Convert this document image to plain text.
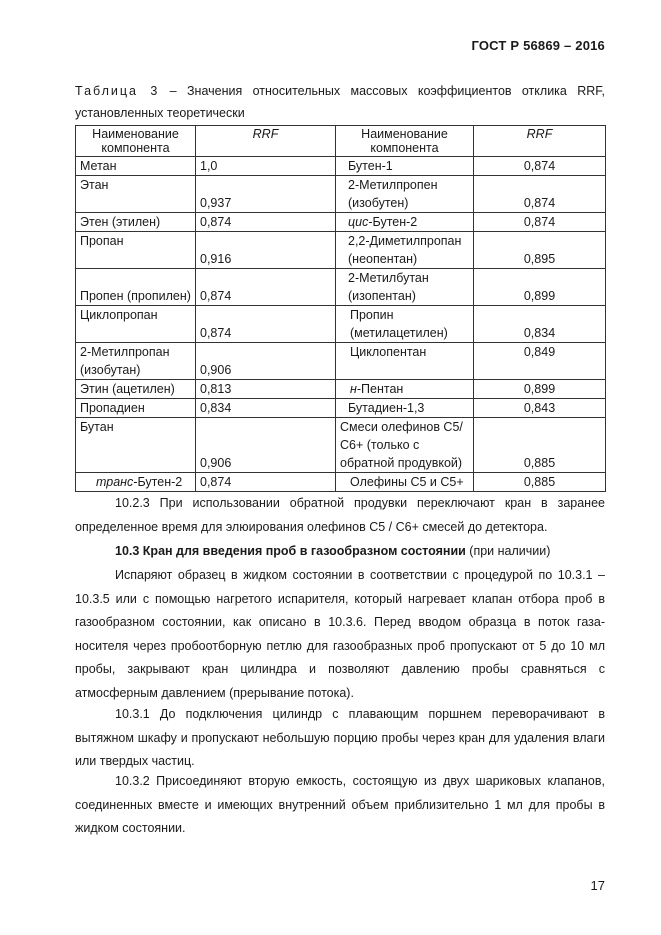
ГОСТ Р 56869 – 2016
Таблица 3 – Значения относительных массовых коэффициентов отклика RRF, установленных теоретически
Наименование компонента	RRF	Наименование компонента	RRF
Метан	1,0	Бутен-1	0,874
Этан	0,937	2-Метилпропен (изобутен)	0,874
Этен (этилен)	0,874	цис-Бутен-2	0,874
Пропан	0,916	2,2-Диметилпропан (неопентан)	0,895
Пропен (пропилен)	0,874	2-Метилбутан (изопентан)	0,899
Циклопропан	0,874	Пропин (метилацетилен)	0,834
2-Метилпропан (изобутан)	0,906	Циклопентан	0,849
Этин (ацетилен)	0,813	н-Пентан	0,899
Пропадиен	0,834	Бутадиен-1,3	0,843
Бутан	0,906	Смеси олефинов С5/С6+ (только с обратной продувкой)	0,885
транс-Бутен-2	0,874	Олефины С5 и С5+	0,885
10.2.3 При использовании обратной продувки переключают кран в заранее определенное время для элюирования олефинов С5 / С6+ смесей до детектора.
10.3 Кран для введения проб в газообразном состоянии (при наличии)
Испаряют образец в жидком состоянии в соответствии с процедурой по 10.3.1 – 10.3.5 или с помощью нагретого испарителя, который нагревает клапан отбора проб в газообразном состоянии, как описано в 10.3.6. Перед вводом образца в поток газа-носителя через пробоотборную петлю для газообразных проб пропускают от 5 до 10 мл пробы, закрывают кран цилиндра и позволяют давлению пробы сравняться с атмосферным давлением (прерывание потока).
10.3.1 До подключения цилиндр с плавающим поршнем переворачивают в вытяжном шкафу и пропускают небольшую порцию пробы через кран для удаления влаги или твердых частиц.
10.3.2 Присоединяют вторую емкость, состоящую из двух шариковых клапанов, соединенных вместе и имеющих внутренний объем приблизительно 1 мл для пробы в жидком состоянии.
17
